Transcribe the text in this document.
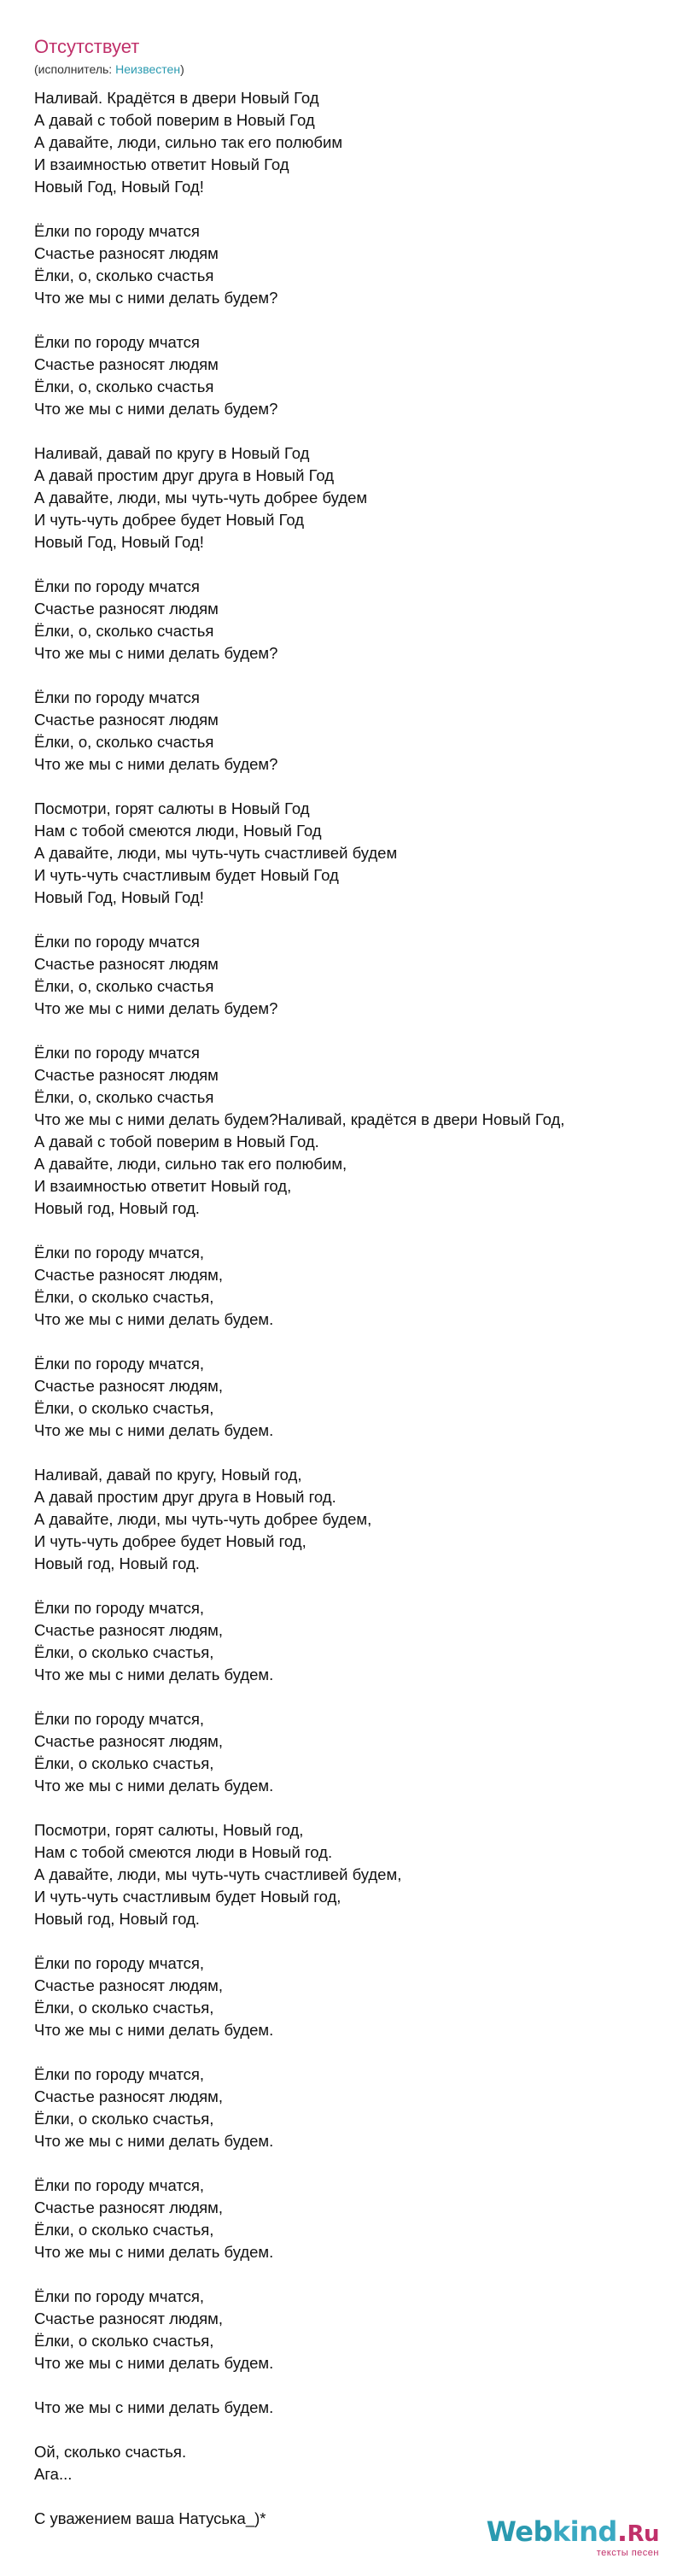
Отсутствует
(исполнитель: Неизвестен)
Наливай. Крадётся в двери Новый Год
А давай с тобой поверим в Новый Год
А давайте, люди, сильно так его полюбим
И взаимностью ответит Новый Год
Новый Год, Новый Год!
Ёлки по городу мчатся
Счастье разносят людям
Ёлки, о, сколько счастья
Что же мы с ними делать будем?
Ёлки по городу мчатся
Счастье разносят людям
Ёлки, о, сколько счастья
Что же мы с ними делать будем?
Наливай, давай по кругу в Новый Год
А давай простим друг друга в Новый Год
А давайте, люди, мы чуть-чуть добрее будем
И чуть-чуть добрее будет Новый Год
Новый Год, Новый Год!
Ёлки по городу мчатся
Счастье разносят людям
Ёлки, о, сколько счастья
Что же мы с ними делать будем?
Ёлки по городу мчатся
Счастье разносят людям
Ёлки, о, сколько счастья
Что же мы с ними делать будем?
Посмотри, горят салюты в Новый Год
Нам с тобой смеются люди, Новый Год
А давайте, люди, мы чуть-чуть счастливей будем
И чуть-чуть счастливым будет Новый Год
Новый Год, Новый Год!
Ёлки по городу мчатся
Счастье разносят людям
Ёлки, о, сколько счастья
Что же мы с ними делать будем?
Ёлки по городу мчатся
Счастье разносят людям
Ёлки, о, сколько счастья
Что же мы с ними делать будем?Наливай, крадётся в двери Новый Год,
А давай с тобой поверим в Новый Год.
А давайте, люди, сильно так его полюбим,
И взаимностью ответит Новый год,
Новый год, Новый год.
Ёлки по городу мчатся,
Счастье разносят людям,
Ёлки, о сколько счастья,
Что же мы с ними делать будем.
Ёлки по городу мчатся,
Счастье разносят людям,
Ёлки, о сколько счастья,
Что же мы с ними делать будем.
Наливай, давай по кругу, Новый год,
А давай простим друг друга в Новый год.
А давайте, люди, мы чуть-чуть добрее будем,
И чуть-чуть добрее будет Новый год,
Новый год, Новый год.
Ёлки по городу мчатся,
Счастье разносят людям,
Ёлки, о сколько счастья,
Что же мы с ними делать будем.
Ёлки по городу мчатся,
Счастье разносят людям,
Ёлки, о сколько счастья,
Что же мы с ними делать будем.
Посмотри, горят салюты, Новый год,
Нам с тобой смеются люди в Новый год.
А давайте, люди, мы чуть-чуть счастливей будем,
И чуть-чуть счастливым будет Новый год,
Новый год, Новый год.
Ёлки по городу мчатся,
Счастье разносят людям,
Ёлки, о сколько счастья,
Что же мы с ними делать будем.
Ёлки по городу мчатся,
Счастье разносят людям,
Ёлки, о сколько счастья,
Что же мы с ними делать будем.
Ёлки по городу мчатся,
Счастье разносят людям,
Ёлки, о сколько счастья,
Что же мы с ними делать будем.
Ёлки по городу мчатся,
Счастье разносят людям,
Ёлки, о сколько счастья,
Что же мы с ними делать будем.
Что же мы с ними делать будем.
Ой, сколько счастья.
Ага...
С уважением ваша Натуська_)*	Webkind.Ru
тексты песен
